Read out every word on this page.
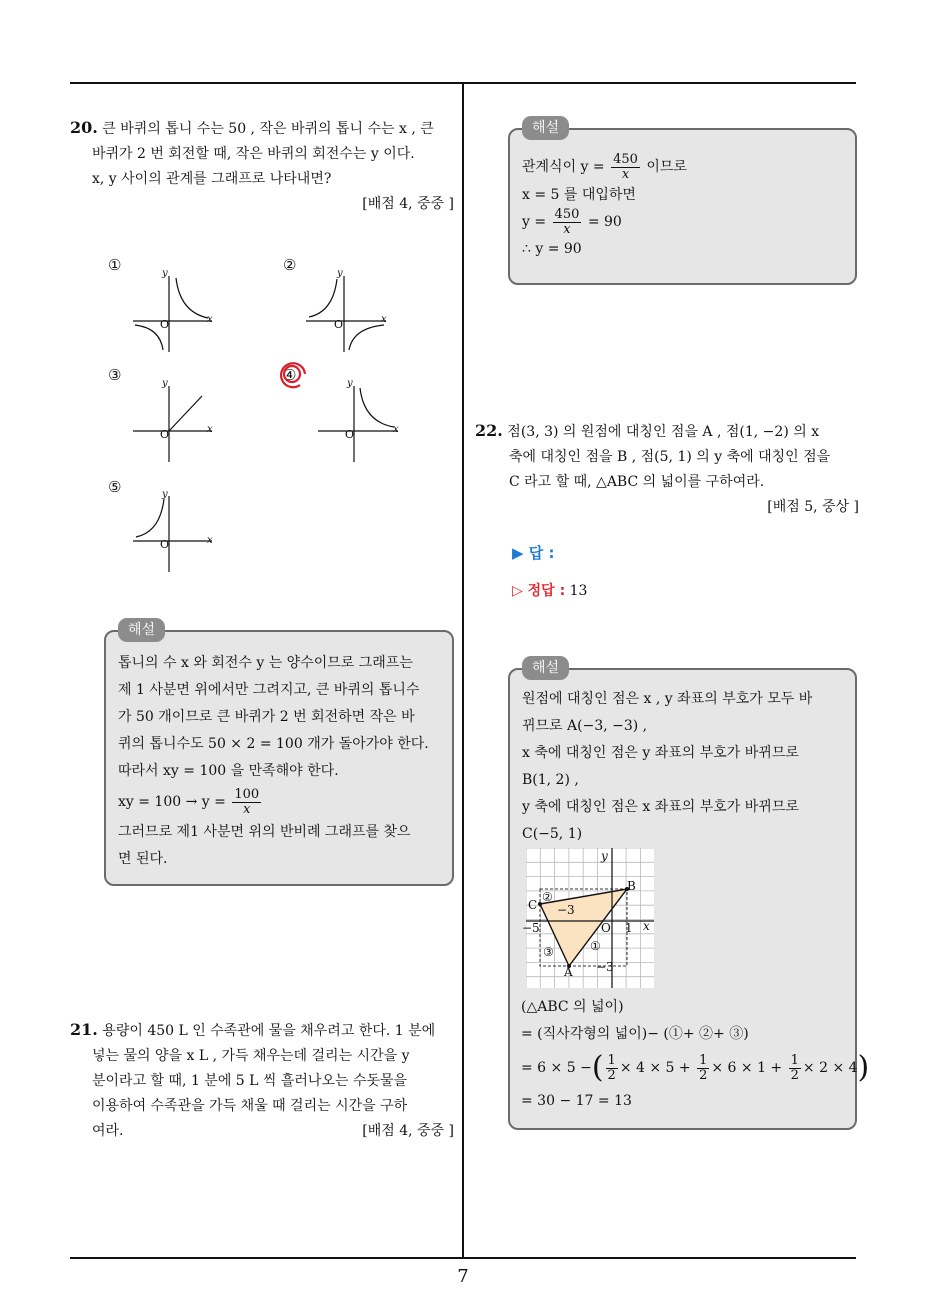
7
20. 큰 바퀴의 톱니 수는 50 , 작은 바퀴의 톱니 수는 x , 큰
바퀴가 2 번 회전할 때, 작은 바퀴의 회전수는 y 이다.
x, y 사이의 관계를 그래프로 나타내면?
[배점 4, 중중 ]
①	②
③	④
⑤
y
x
O
y
x
O
y
x
O
y
x
O
y
x
O
해설
톱니의 수 x 와 회전수 y 는 양수이므로 그래프는
제 1 사분면 위에서만 그려지고, 큰 바퀴의 톱니수
가 50 개이므로 큰 바퀴가 2 번 회전하면 작은 바
퀴의 톱니수도 50 × 2 = 100 개가 돌아가야 한다.
따라서 xy = 100 을 만족해야 한다.
xy = $100 \to y = \frac{100}{x}$
그러므로 제1 사분면 위의 반비례 그래프를 찾으
면 된다.
21. 용량이 450 L 인 수족관에 물을 채우려고 한다. 1 분에
넣는 물의 양을 x L , 가득 채우는데 걸리는 시간을 y
분이라고 할 때, 1 분에 5 L 씩 흘러나오는 수돗물을
이용하여 수족관을 가득 채울 때 걸리는 시간을 구하
여라.	[배점 4, 중중 ]
해설
관계식이 $y = \frac{450}{x}$ 이므로
x = 5 를 대입하면
$y = \frac{450}{x} = 90$
∴ y = 90
22. 점(3, 3) 의 원점에 대칭인 점을 A , 점(1, −2) 의 x
축에 대칭인 점을 B , 점(5, 1) 의 y 축에 대칭인 점을
C 라고 할 때, △ABC 의 넓이를 구하여라.
[배점 5, 중상 ]
▶ 답 :
▷ 정답 : 13
해설
원점에 대칭인 점은 x , y 좌표의 부호가 모두 바
뀌므로 A(−3, −3) ,
x 축에 대칭인 점은 y 좌표의 부호가 바뀌므로
B(1, 2) ,
y 축에 대칭인 점은 x 좌표의 부호가 바뀌므로
C(−5, 1)
y
x
B
C
A
O
−5	1
−3
−3
①
②
③
(△ABC 의 넓이)
= (직사각형의 넓이)− (①+ ②+ ③)
= 6 × 5 −( $\frac{1}{2} \times 4 \times 5 + \frac{1}{2} \times 6 \times 1 + \frac{1}{2} \times 2 \times 4$)
= 30 − 17 = 13
